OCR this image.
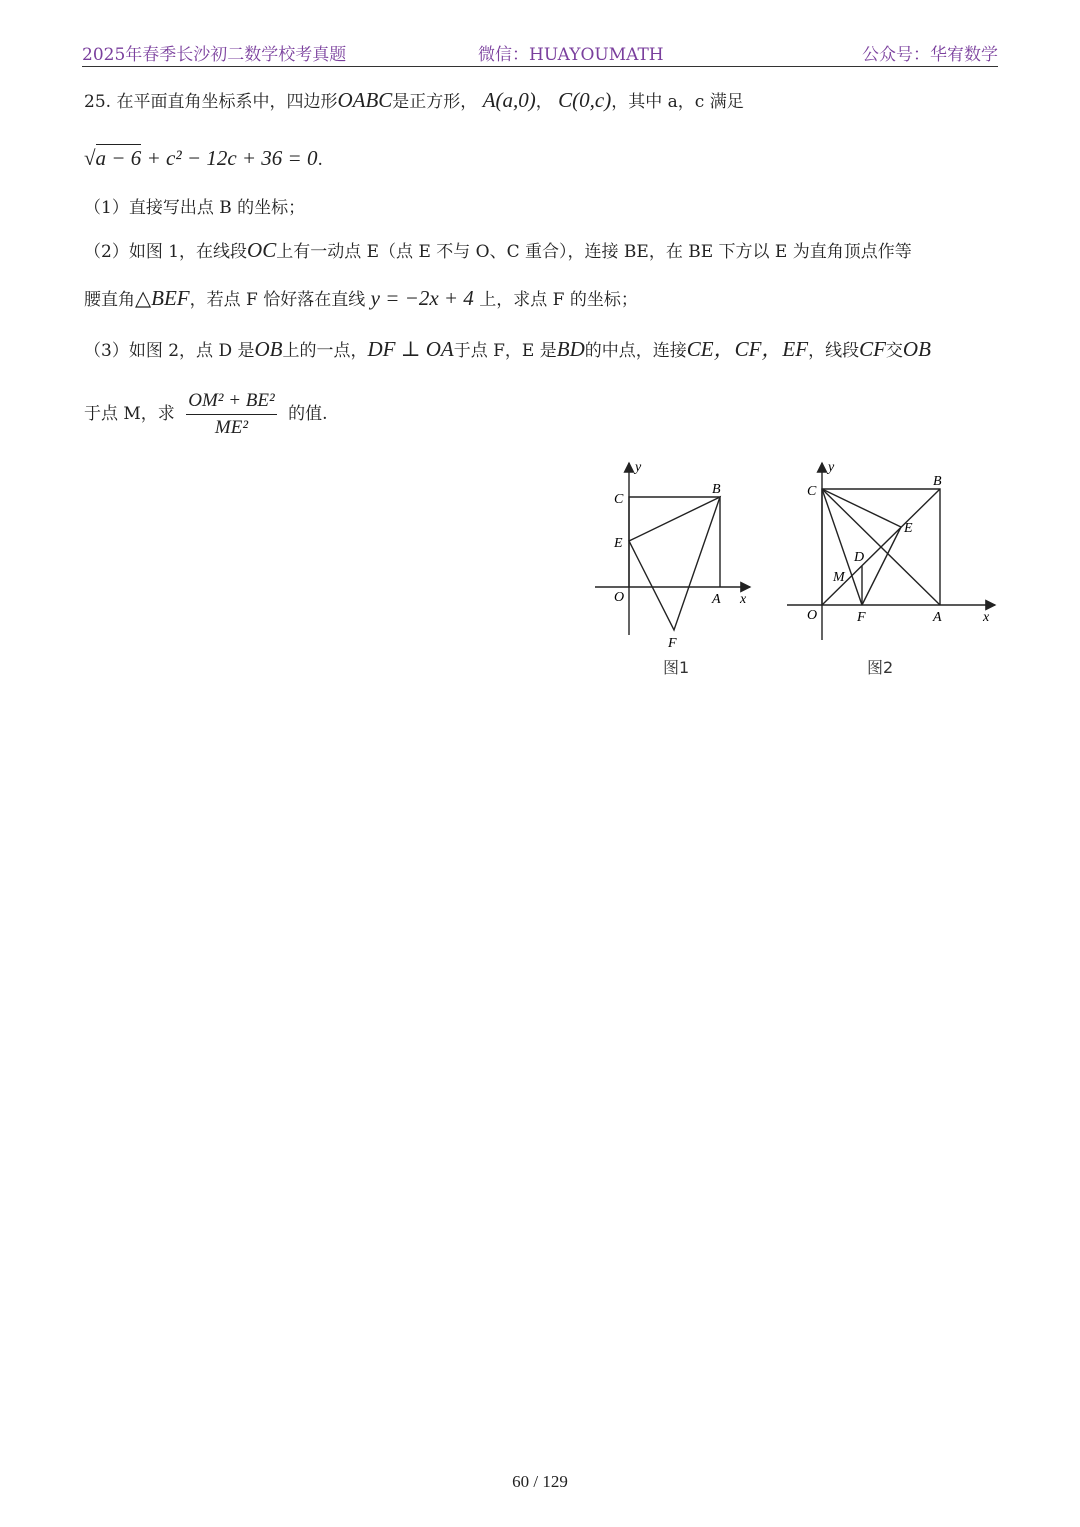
2025年春季长沙初二数学校考真题	微信：HUAYOUMATH	公众号：华宥数学
25. 在平面直角坐标系中，四边形OABC是正方形， A(a,0)， C(0,c)，其中 a，c 满足
√a − 6 + c² − 12c + 36 = 0.
（1）直接写出点 B 的坐标；
（2）如图 1，在线段OC上有一动点 E（点 E 不与 O、C 重合），连接 BE，在 BE 下方以 E 为直角顶点作等
腰直角△BEF，若点 F 恰好落在直线 y = −2x + 4 上，求点 F 的坐标；
（3）如图 2，点 D 是OB上的一点，DF ⊥ OA于点 F，E 是BD的中点，连接CE，CF，EF，线段CF交OB
于点 M，求 $\frac{\text{OM² + BE²}}{\text{ME²}}$ 的值.
y
x
O	A
B
C
E
F
图1
y
x
O	A
B
C
D
E
F
M
图2
60 / 129
